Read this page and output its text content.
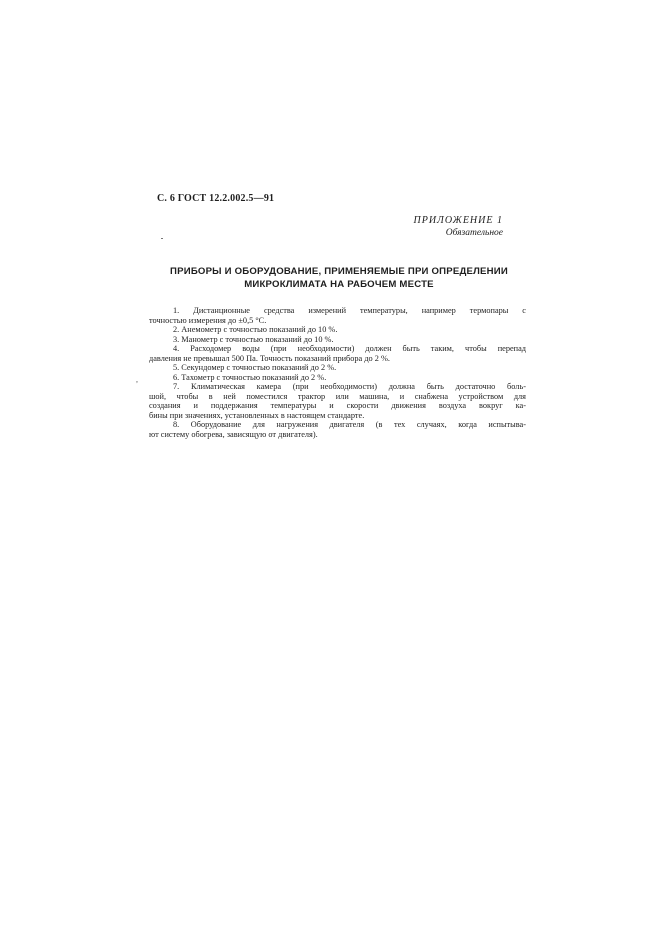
С. 6 ГОСТ 12.2.002.5—91
ПРИЛОЖЕНИЕ 1
Обязательное
ПРИБОРЫ И ОБОРУДОВАНИЕ, ПРИМЕНЯЕМЫЕ ПРИ ОПРЕДЕЛЕНИИ
МИКРОКЛИМАТА НА РАБОЧЕМ МЕСТЕ
,
1. Дистанционные средства измерений температуры, например термопары с
точностью измерения до ±0,5 °С.
2. Анемометр с точностью показаний до 10 %.
3. Манометр с точностью показаний до 10 %.
4. Расходомер воды (при необходимости) должен быть таким, чтобы перепад
давления не превышал 500 Па. Точность показаний прибора до 2 %.
5. Секундомер с точностью показаний до 2 %.
6. Тахометр с точностью показаний до 2 %.
7. Климатическая камера (при необходимости) должна быть достаточно боль-
шой, чтобы в ней поместился трактор или машина, и снабжена устройством для
создания и поддержания температуры и скорости движения воздуха вокруг ка-
бины при значениях, установленных в настоящем стандарте.
8. Оборудование для нагружения двигателя (в тех случаях, когда испытыва-
ют систему обогрева, зависящую от двигателя).
